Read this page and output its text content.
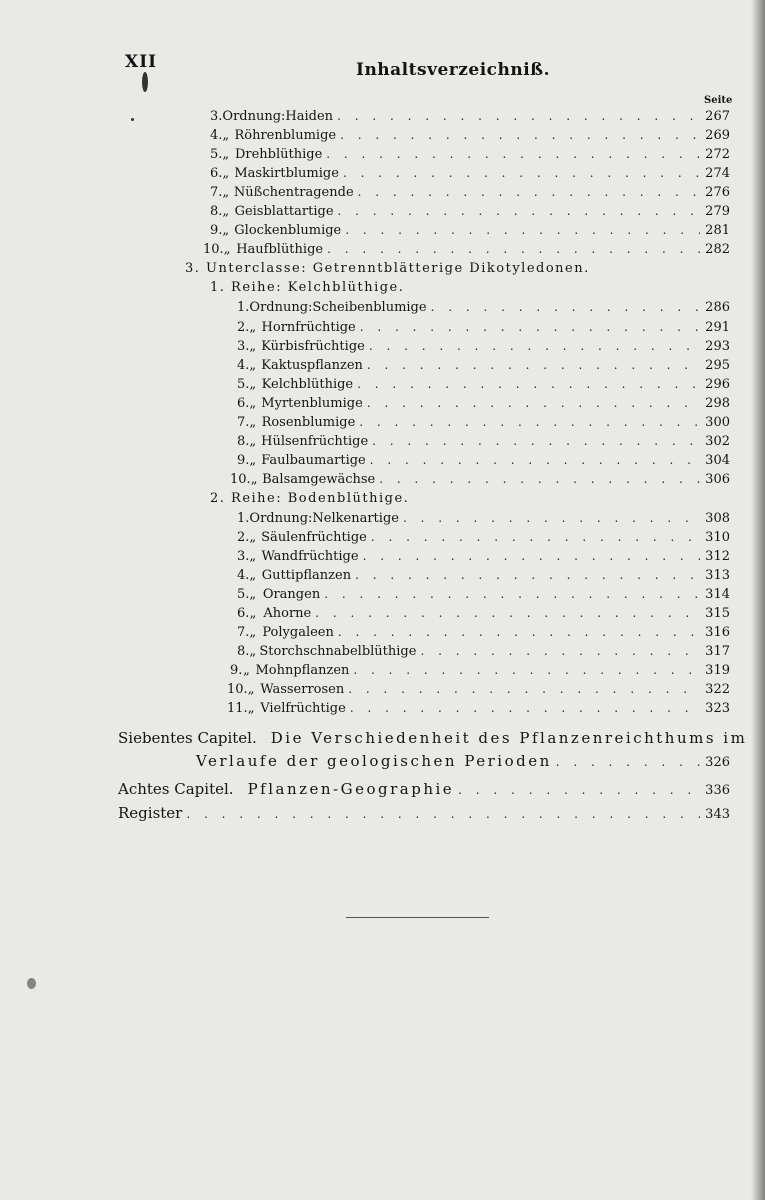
XII	Inhaltsverzeichniß.
Seite
3. Ordnung: Haiden . . .	267
4. „ Röhrenblumige . . .	269
5. „ Drehblüthige . . .	272
6. „ Maskirtblumige . . .	274
7. „ Nüßchentragende . . .	276
8. „ Geisblattartige . . .	279
9. „ Glockenblumige . . .	281
10. „ Haufblüthige . . .	282
3. Unterclasse: Getrenntblätterige Dikotyledonen.
1. Reihe: Kelchblüthige.
1. Ordnung: Scheibenblumige . . .	286
2. „ Hornfrüchtige . . .	291
3. „ Kürbisfrüchtige . . .	293
4. „ Kaktuspflanzen . . .	295
5. „ Kelchblüthige . . .	296
6. „ Myrtenblumige . . .	298
7. „ Rosenblumige . . .	300
8. „ Hülsenfrüchtige . . .	302
9. „ Faulbaumartige . . .	304
10. „ Balsamgewächse . . .	306
2. Reihe: Bodenblüthige.
1. Ordnung: Nelkenartige . . .	308
2. „ Säulenfrüchtige . . .	310
3. „ Wandfrüchtige . . .	312
4. „ Guttipflanzen . . .	313
5. „ Orangen . . .	314
6. „ Ahorne . . .	315
7. „ Polygaleen . . .	316
8. „ Storchschnabelblüthige . . .	317
9. „ Mohnpflanzen . . .	319
10. „ Wasserrosen . . .	322
11. „ Vielfrüchtige . . .	323
Siebentes Capitel. Die Verschiedenheit des Pflanzenreichthums im
Verlaufe der geologischen Perioden . . .	326
Achtes Capitel. Pflanzen-Geographie . . .	336
Register . . .	343
